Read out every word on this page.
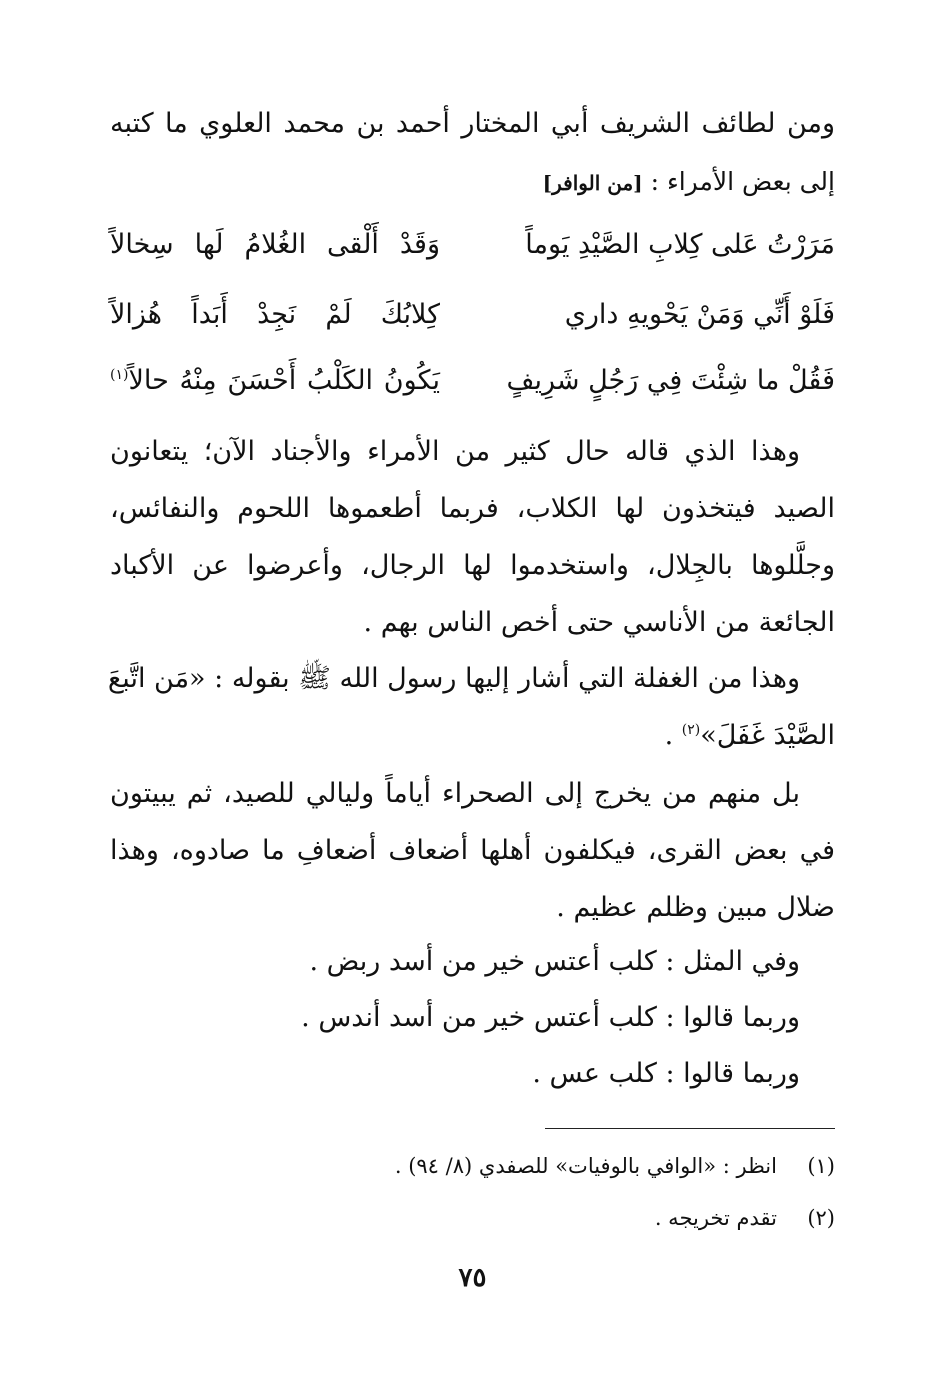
ومن لطائف الشريف أبي المختار أحمد بن محمد العلوي ما كتبه
إلى بعض الأمراء : [من الوافر]
مَرَرْتُ عَلى كِلابِ الصَّيْدِ يَوماً
وَقَدْ أَلْقى الغُلامُ لَها سِخالاً
فَلَوْ أَنِّي وَمَنْ يَحْويهِ داري
كِلابُكَ لَمْ نَجِدْ أَبَداً هُزالاً
فَقُلْ ما شِئْتَ فِي رَجُلٍ شَرِيفٍ
يَكُونُ الكَلْبُ أَحْسَنَ مِنْهُ حالاً$^{(١)}$
وهذا الذي قاله حال كثير من الأمراء والأجناد الآن؛ يتعانون
الصيد فيتخذون لها الكلاب، فربما أطعموها اللحوم والنفائس،
وجلَّلوها بالجِلال، واستخدموا لها الرجال، وأعرضوا عن الأكباد
الجائعة من الأناسي حتى أخص الناس بهم .
وهذا من الغفلة التي أشار إليها رسول الله ﷺ بقوله : «مَن اتَّبعَ
الصَّيْدَ غَفَلَ»$^{(٢)}$ .
بل منهم من يخرج إلى الصحراء أياماً وليالي للصيد، ثم يبيتون
في بعض القرى، فيكلفون أهلها أضعاف أضعافِ ما صادوه، وهذا
ضلال مبين وظلم عظيم .
وفي المثل : كلب أعتس خير من أسد ربض .
وربما قالوا : كلب أعتس خير من أسد أندس .
وربما قالوا : كلب عس .
(١)انظر : «الوافي بالوفيات» للصفدي (٨/ ٩٤) .
(٢)تقدم تخريجه .
٧٥
